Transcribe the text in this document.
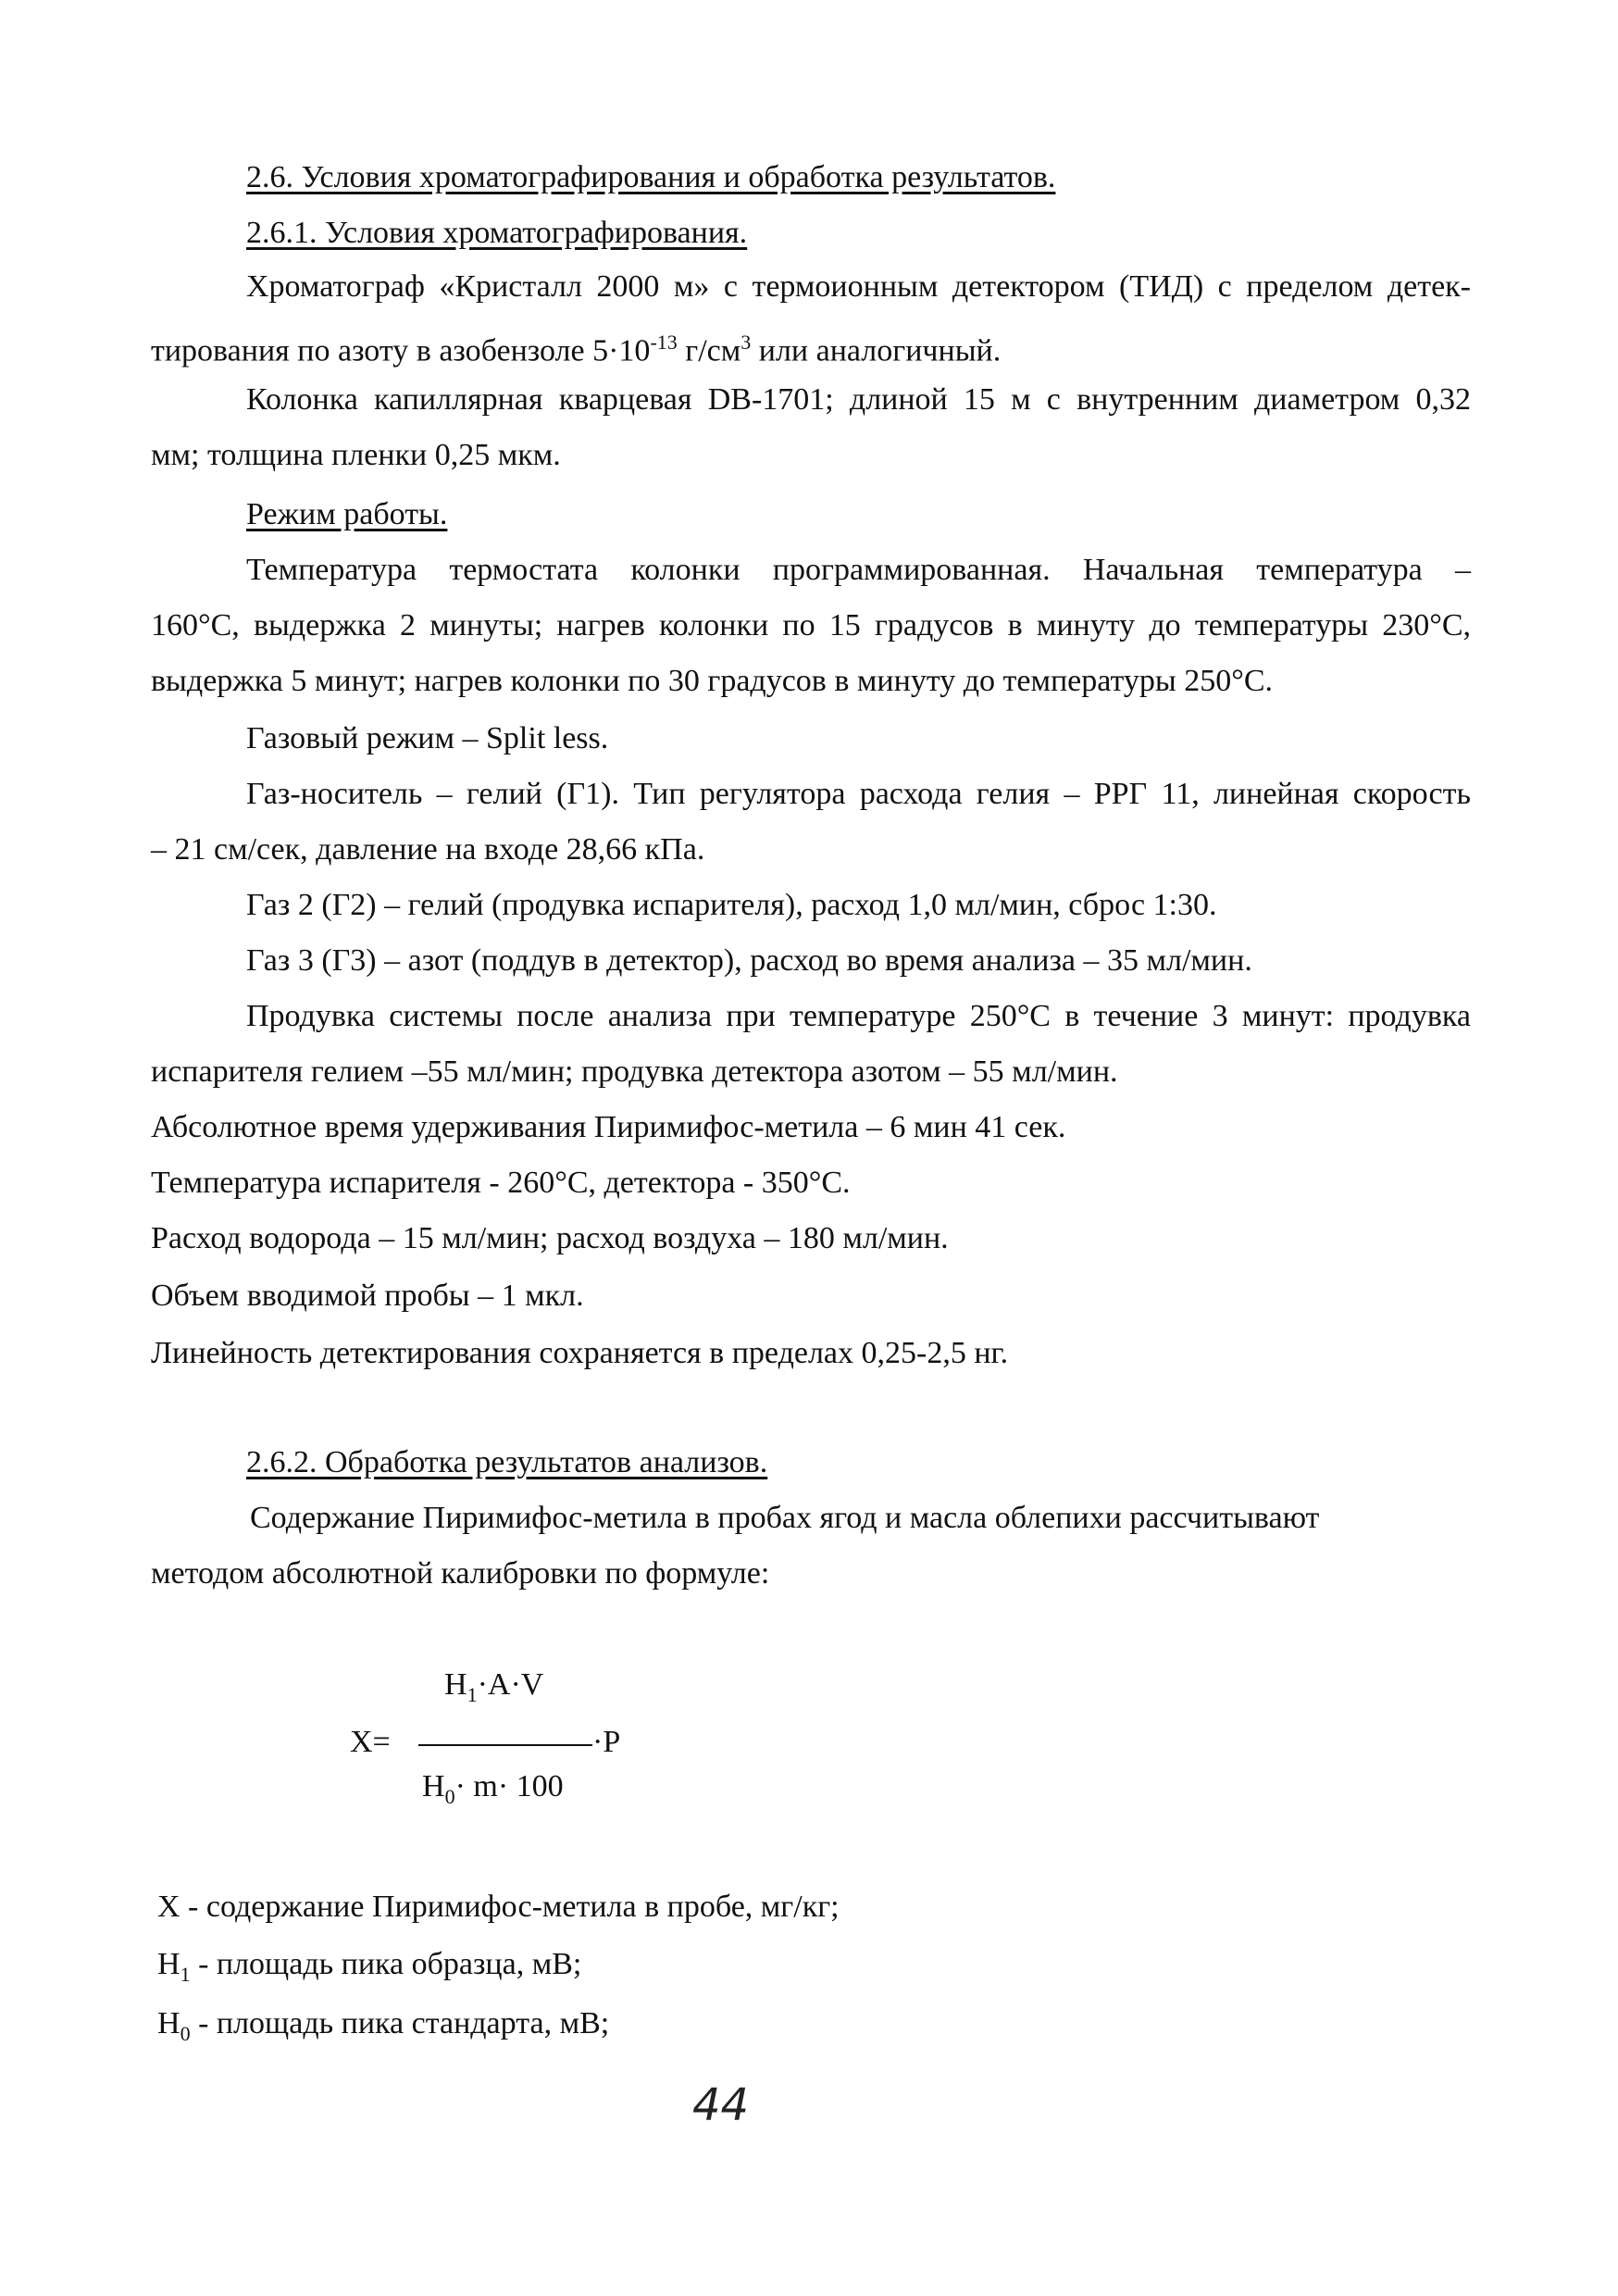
2.6. Условия хроматографирования и обработка результатов.
2.6.1. Условия хроматографирования.
Хроматограф «Кристалл 2000 м» с термоионным детектором (ТИД) с пределом детек-
тирования по азоту в азобензоле $5\cdot 10^{-13}$ $г/см^3$ или аналогичный.
Колонка капиллярная кварцевая DB-1701; длиной 15 м с внутренним диаметром 0,32
мм; толщина пленки 0,25 мкм.
Режим работы.
Температура термостата колонки программированная. Начальная температура –
160°С, выдержка 2 минуты; нагрев колонки по 15 градусов в минуту до температуры 230°С,
выдержка 5 минут; нагрев колонки по 30 градусов в минуту до температуры 250°С.
Газовый режим – Split less.
Газ-носитель – гелий (Г1). Тип регулятора расхода гелия – РРГ 11, линейная скорость
– 21 см/сек, давление на входе 28,66 кПа.
Газ 2 (Г2) – гелий (продувка испарителя), расход 1,0 мл/мин, сброс 1:30.
Газ 3 (Г3) – азот (поддув в детектор), расход во время анализа – 35 мл/мин.
Продувка системы после анализа при температуре 250°С в течение 3 минут: продувка
испарителя гелием –55 мл/мин; продувка детектора азотом – 55 мл/мин.
Абсолютное время удерживания Пиримифос-метила – 6 мин 41 сек.
Температура испарителя - 260°С, детектора - 350°С.
Расход водорода – 15 мл/мин; расход воздуха – 180 мл/мин.
Объем вводимой пробы – 1 мкл.
Линейность детектирования сохраняется в пределах 0,25-2,5 нг.
2.6.2. Обработка результатов анализов.
Содержание Пиримифос-метила в пробах ягод и масла облепихи рассчитывают
методом абсолютной калибровки по формуле:
X=
$H_1\cdot A\cdot V$
·P
$H_0\cdot m\cdot 100$
X - содержание Пиримифос-метила в пробе, мг/кг;
$H_1$ - площадь пика образца, мВ;
$H_0$ - площадь пика стандарта, мВ;
44
